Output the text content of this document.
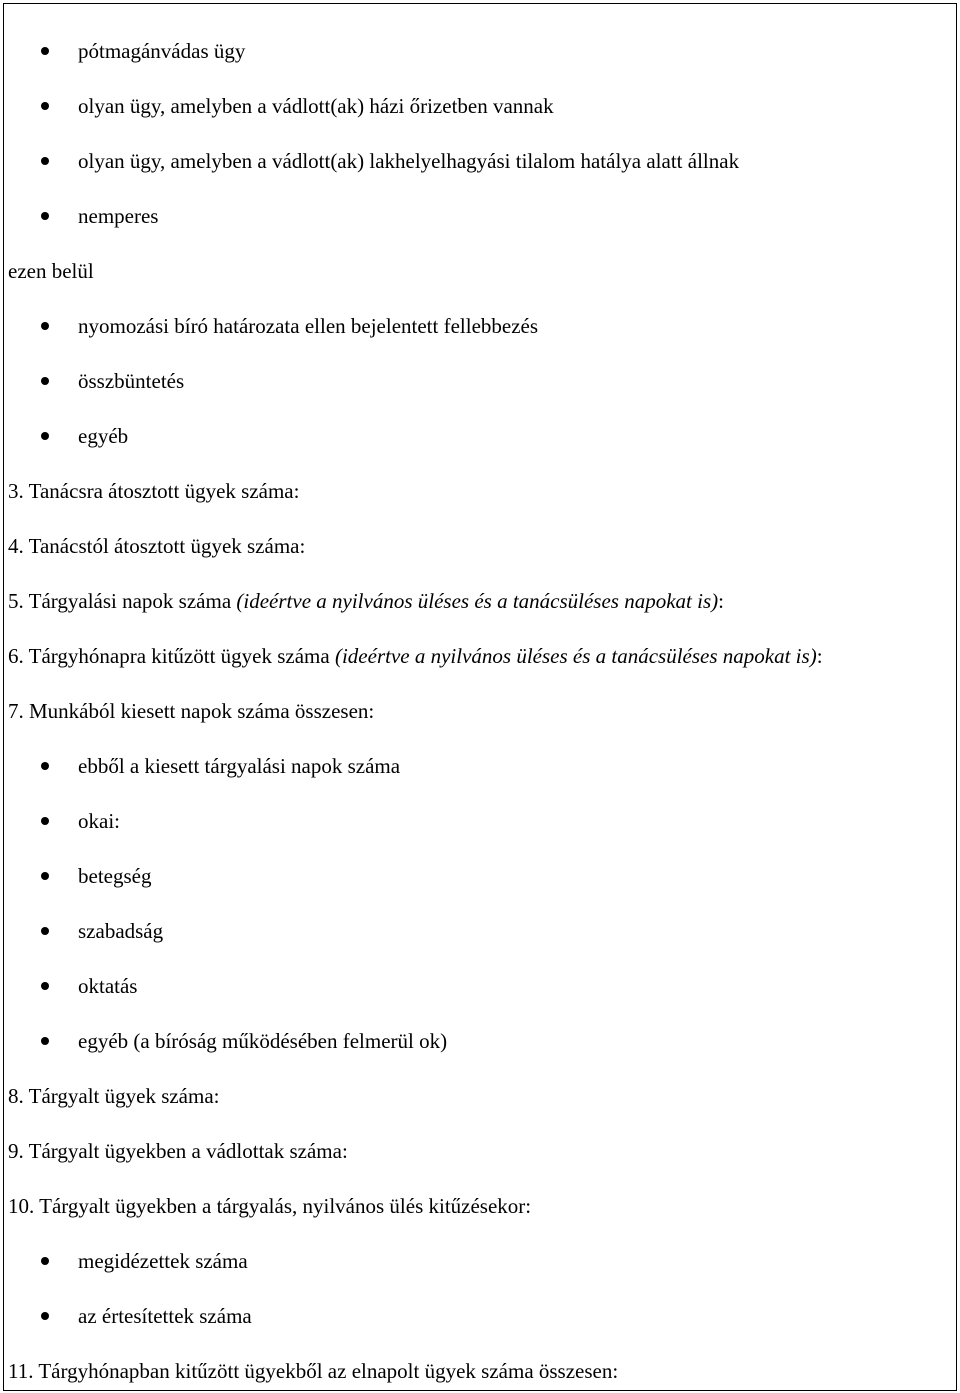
pótmagánvádas ügy
olyan ügy, amelyben a vádlott(ak) házi őrizetben vannak
olyan ügy, amelyben a vádlott(ak) lakhelyelhagyási tilalom hatálya alatt állnak
nemperes
ezen belül
nyomozási bíró határozata ellen bejelentett fellebbezés
összbüntetés
egyéb
3. Tanácsra átosztott ügyek száma:
4. Tanácstól átosztott ügyek száma:
5. Tárgyalási napok száma (ideértve a nyilvános üléses és a tanácsüléses napokat is):
6. Tárgyhónapra kitűzött ügyek száma (ideértve a nyilvános üléses és a tanácsüléses napokat is):
7. Munkából kiesett napok száma összesen:
ebből a kiesett tárgyalási napok száma
okai:
betegség
szabadság
oktatás
egyéb (a bíróság működésében felmerül ok)
8. Tárgyalt ügyek száma:
9. Tárgyalt ügyekben a vádlottak száma:
10. Tárgyalt ügyekben a tárgyalás, nyilvános ülés kitűzésekor:
megidézettek száma
az értesítettek száma
11. Tárgyhónapban kitűzött ügyekből az elnapolt ügyek száma összesen:
